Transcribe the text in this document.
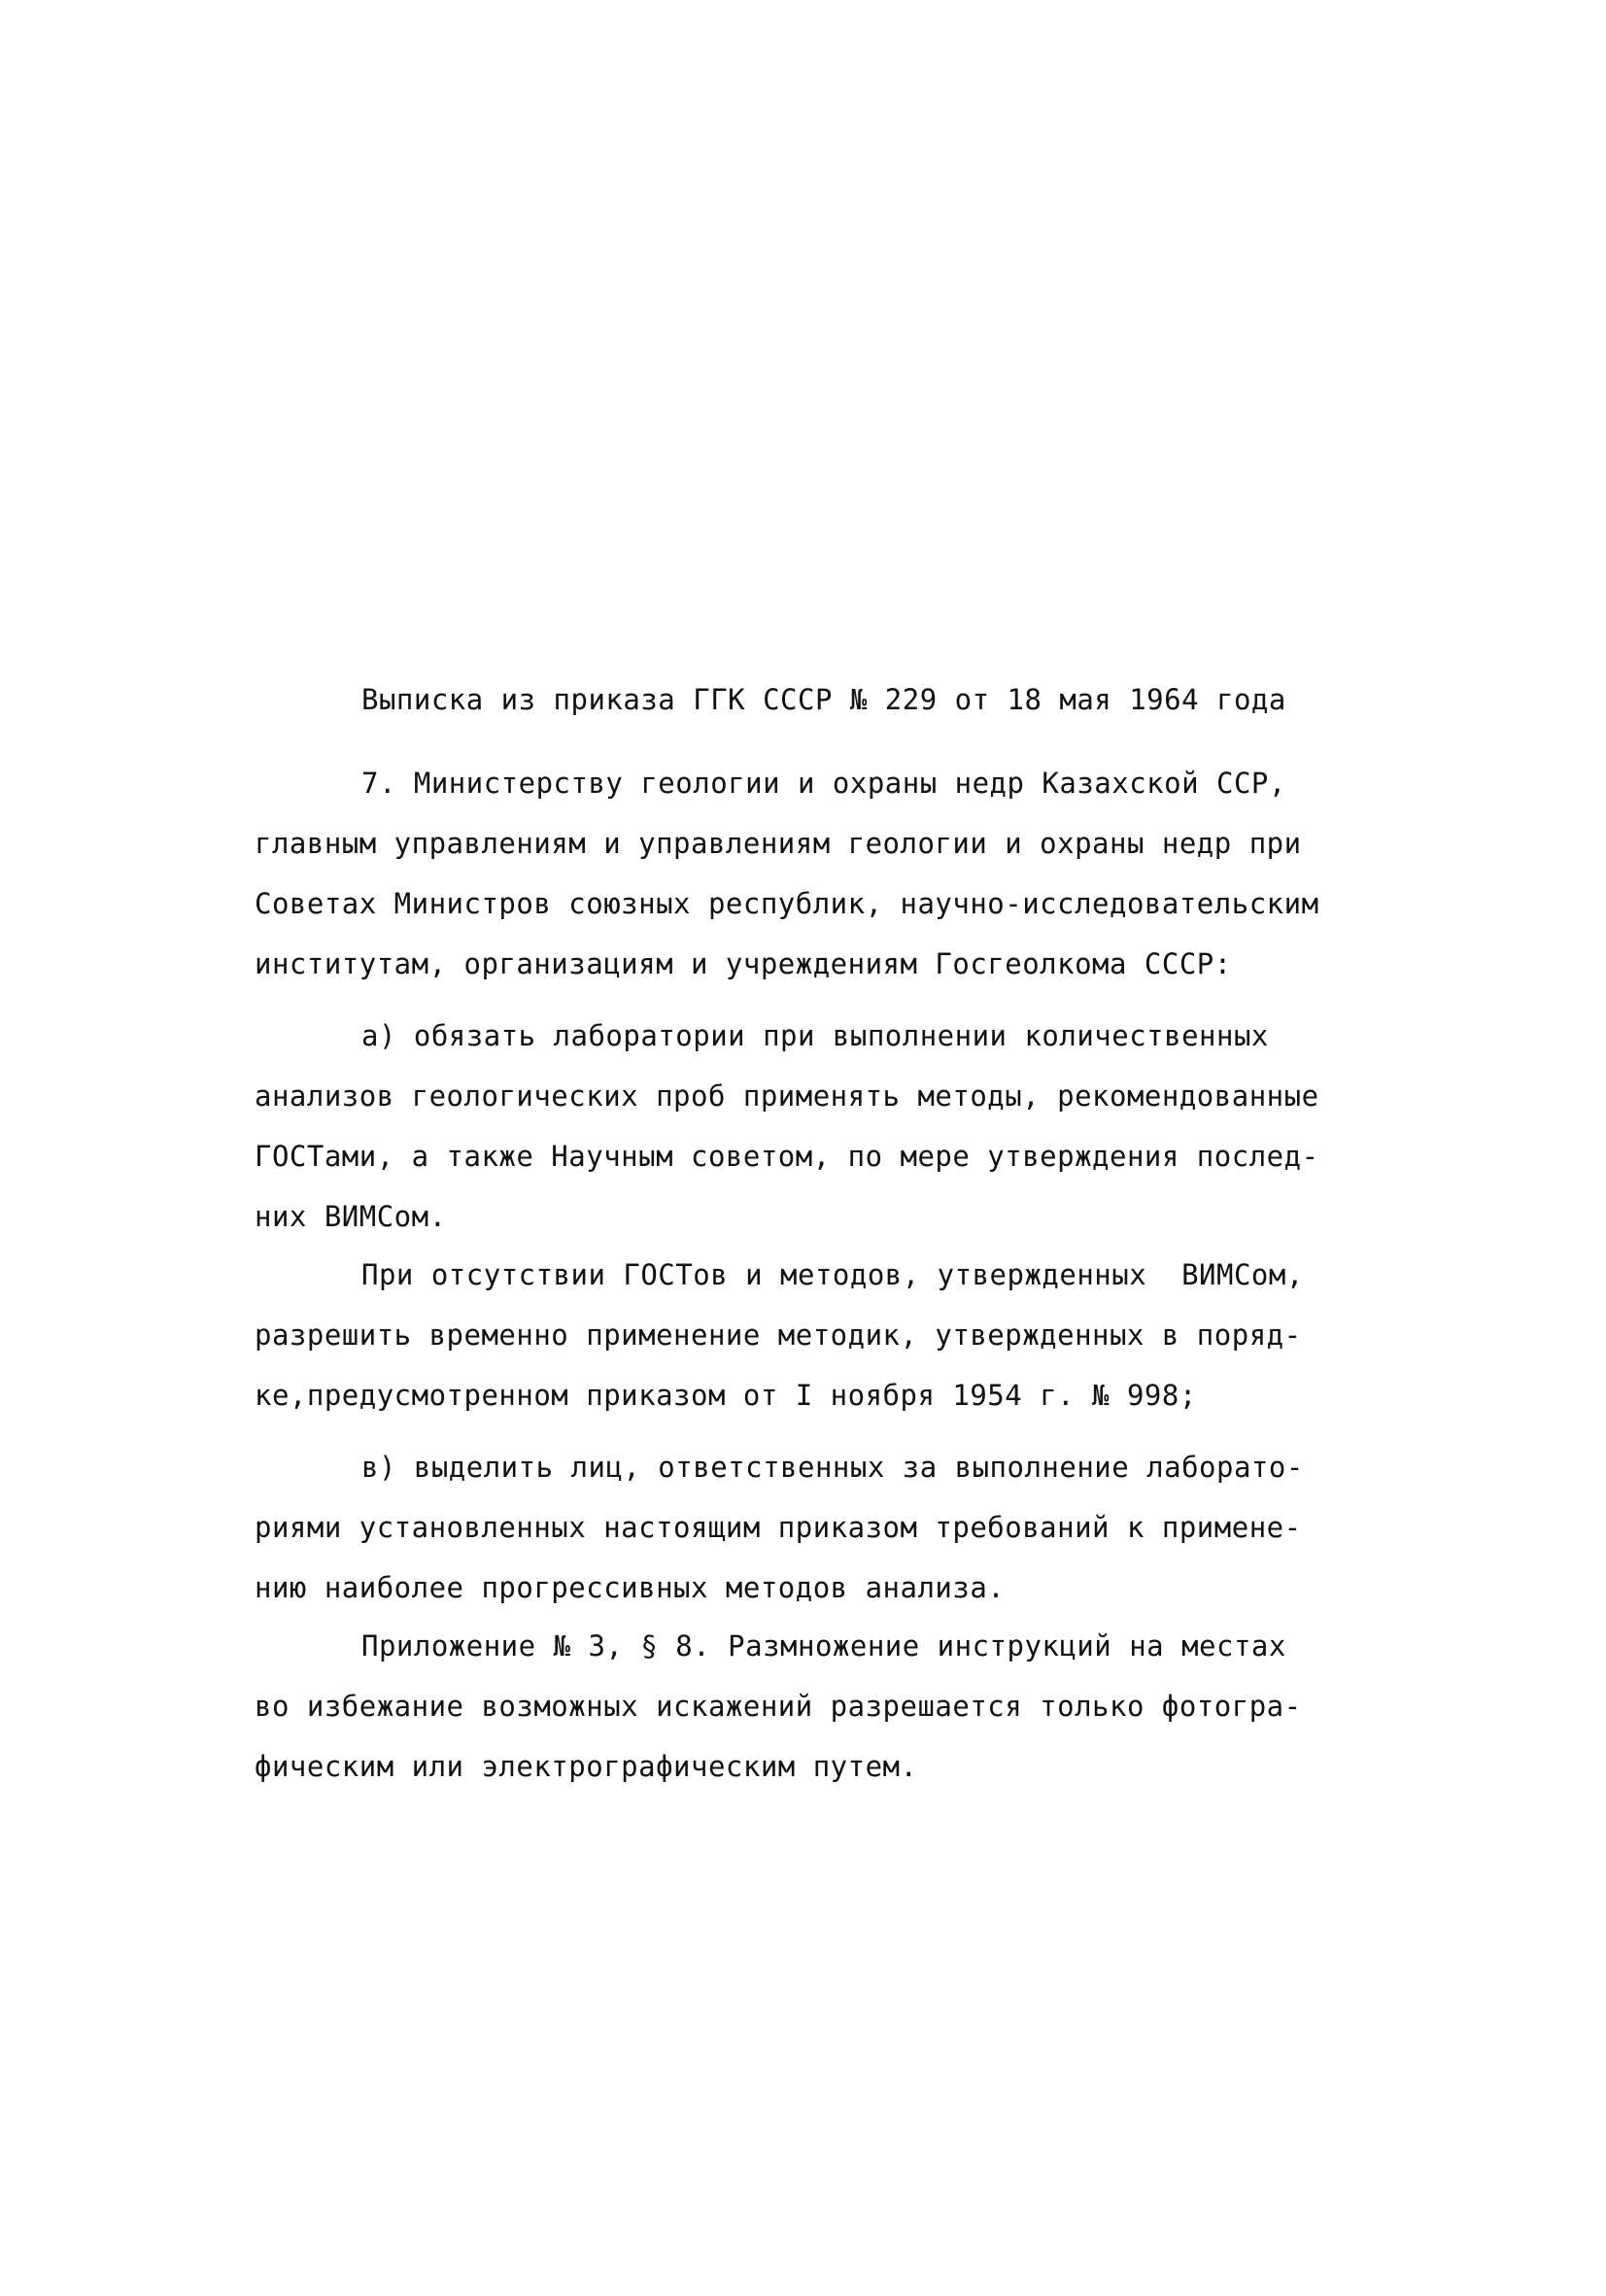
Выписка из приказа ГГК СССР № 229 от 18 мая 1964 года
7. Министерству геологии и охраны недр Казахской ССР,
главным управлениям и управлениям геологии и охраны недр при
Советах Министров союзных республик, научно-исследовательским
институтам, организациям и учреждениям Госгеолкома СССР:
а) обязать лаборатории при выполнении количественных
анализов геологических проб применять методы, рекомендованные
ГОСТами, а также Научным советом, по мере утверждения послед-
них ВИМСом.
При отсутствии ГОСТов и методов, утвержденных  ВИМСом,
разрешить временно применение методик, утвержденных в поряд-
ке,предусмотренном приказом от I ноября 1954 г. № 998;
в) выделить лиц, ответственных за выполнение лаборато-
риями установленных настоящим приказом требований к примене-
нию наиболее прогрессивных методов анализа.
Приложение № 3, § 8. Размножение инструкций на местах
во избежание возможных искажений разрешается только фотогра-
фическим или электрографическим путем.
